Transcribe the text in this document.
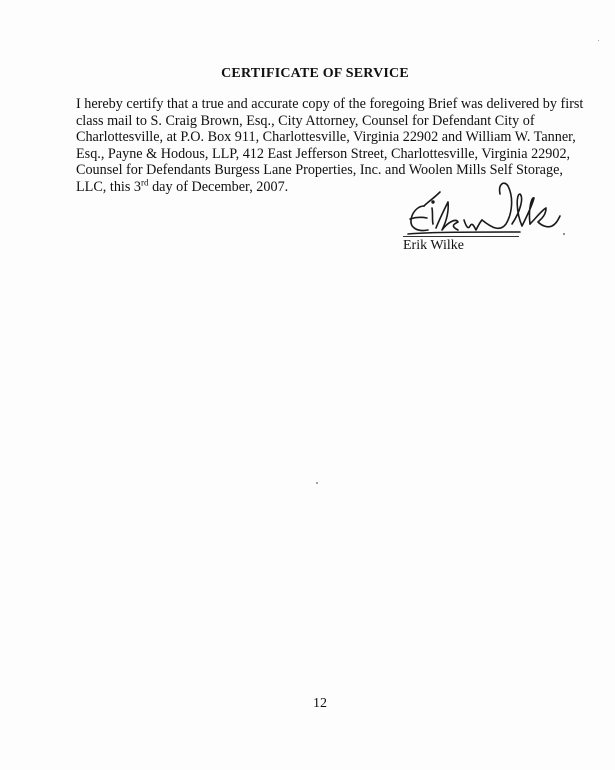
CERTIFICATE OF SERVICE
I hereby certify that a true and accurate copy of the foregoing Brief was delivered by first
class mail to S. Craig Brown, Esq., City Attorney, Counsel for Defendant City of
Charlottesville, at P.O. Box 911, Charlottesville, Virginia 22902 and William W. Tanner,
Esq., Payne & Hodous, LLP, 412 East Jefferson Street, Charlottesville, Virginia 22902,
Counsel for Defendants Burgess Lane Properties, Inc. and Woolen Mills Self Storage,
LLC, this 3rd day of December, 2007.
Erik Wilke
12
